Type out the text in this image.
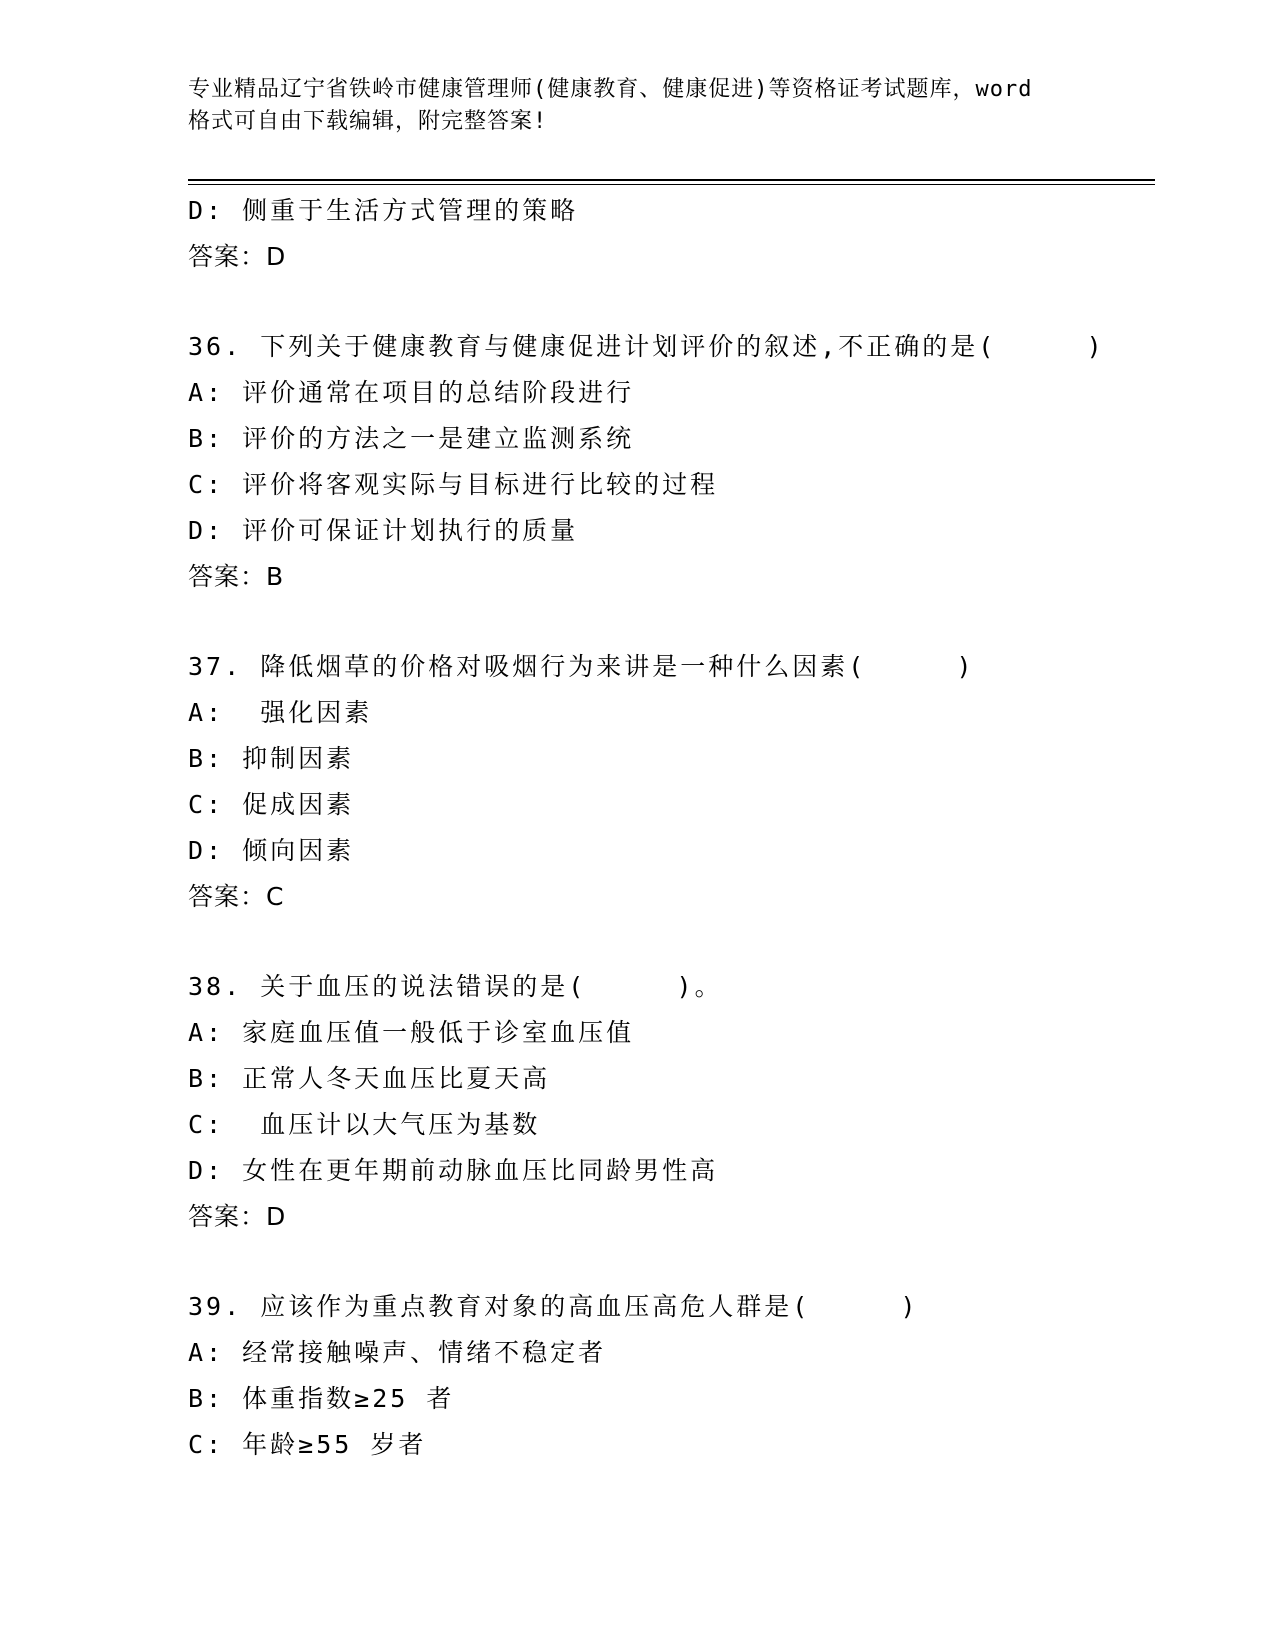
专业精品辽宁省铁岭市健康管理师(健康教育、健康促进)等资格证考试题库，word
格式可自由下载编辑，附完整答案!
D: 侧重于生活方式管理的策略
答案：D
36. 下列关于健康教育与健康促进计划评价的叙述,不正确的是(     )
A: 评价通常在项目的总结阶段进行
B: 评价的方法之一是建立监测系统
C: 评价将客观实际与目标进行比较的过程
D: 评价可保证计划执行的质量
答案：B
37. 降低烟草的价格对吸烟行为来讲是一种什么因素(     )
A:  强化因素
B: 抑制因素
C: 促成因素
D: 倾向因素
答案：C
38. 关于血压的说法错误的是(     )。
A: 家庭血压值一般低于诊室血压值
B: 正常人冬天血压比夏天高
C:  血压计以大气压为基数
D: 女性在更年期前动脉血压比同龄男性高
答案：D
39. 应该作为重点教育对象的高血压高危人群是(     )
A: 经常接触噪声、情绪不稳定者
B: 体重指数≥25 者
C: 年龄≥55 岁者
